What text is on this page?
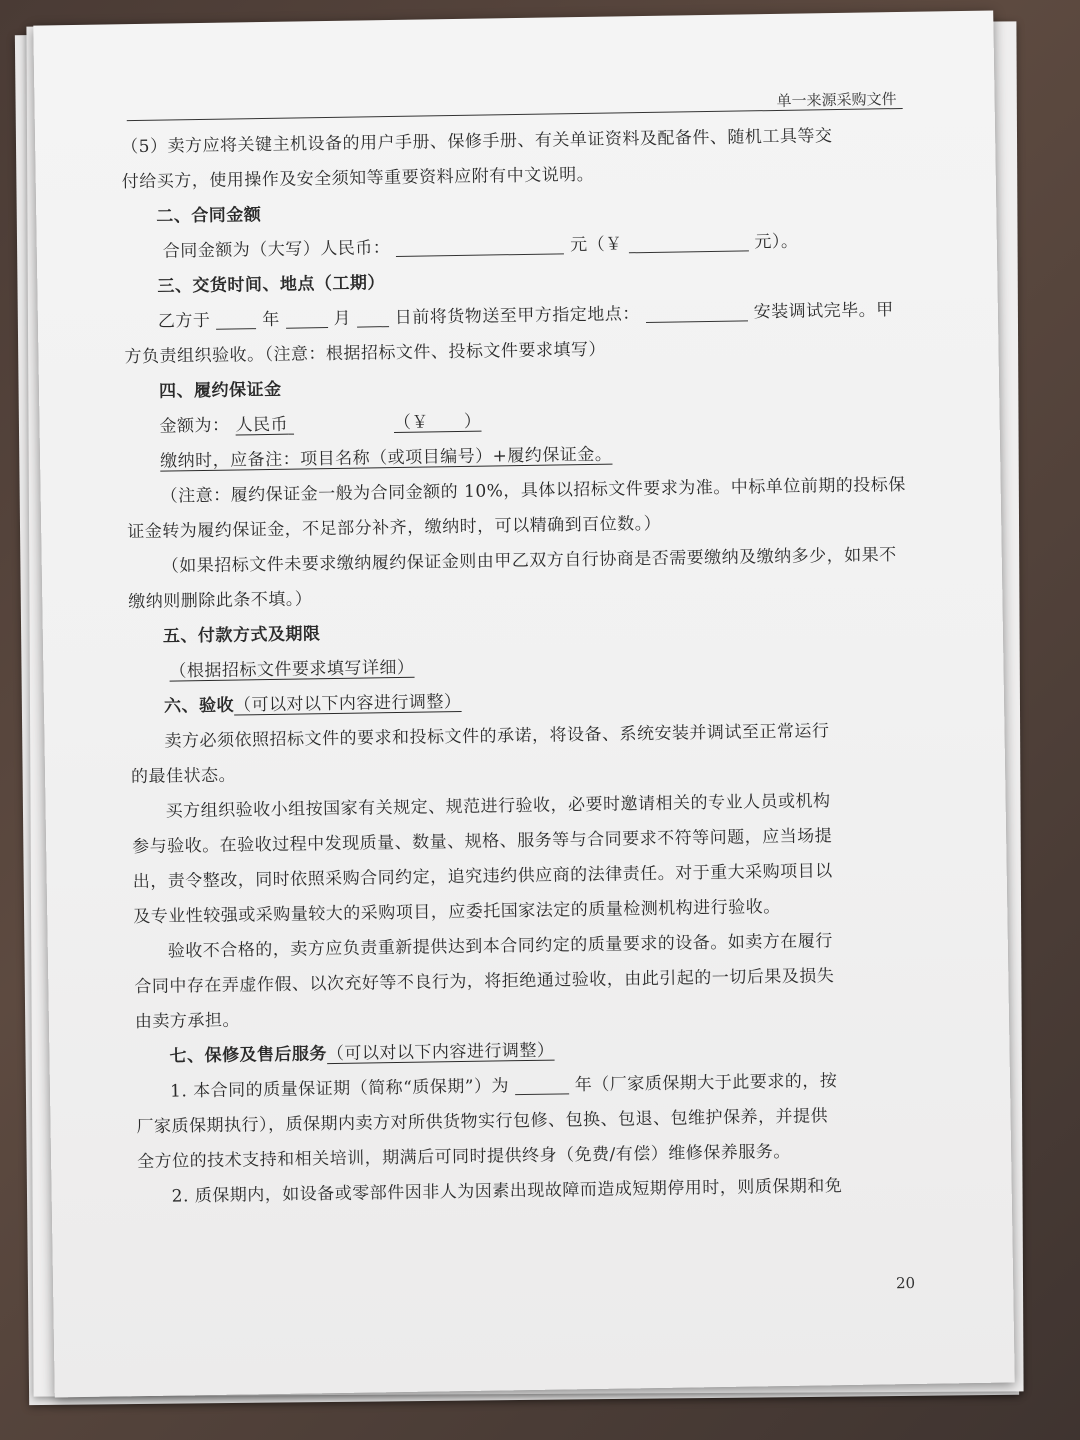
单一来源采购文件
（5）卖方应将关键主机设备的用户手册、保修手册、有关单证资料及配备件、随机工具等交
付给买方，使用操作及安全须知等重要资料应附有中文说明。
二、合同金额
合同金额为（大写）人民币：	元（￥	元）。
三、交货时间、地点（工期）
乙方于	年	月	日前将货物送至甲方指定地点：	安装调试完毕。甲
方负责组织验收。（注意：根据招标文件、投标文件要求填写）
四、履约保证金
金额为： 人民币	（￥　　）
缴纳时，应备注：项目名称（或项目编号）+履约保证金。
（注意：履约保证金一般为合同金额的 10%，具体以招标文件要求为准。中标单位前期的投标保
证金转为履约保证金，不足部分补齐，缴纳时，可以精确到百位数。）
（如果招标文件未要求缴纳履约保证金则由甲乙双方自行协商是否需要缴纳及缴纳多少，如果不
缴纳则删除此条不填。）
五、付款方式及期限
（根据招标文件要求填写详细）
六、验收（可以对以下内容进行调整）
卖方必须依照招标文件的要求和投标文件的承诺，将设备、系统安装并调试至正常运行
的最佳状态。
买方组织验收小组按国家有关规定、规范进行验收，必要时邀请相关的专业人员或机构
参与验收。在验收过程中发现质量、数量、规格、服务等与合同要求不符等问题，应当场提
出，责令整改，同时依照采购合同约定，追究违约供应商的法律责任。对于重大采购项目以
及专业性较强或采购量较大的采购项目，应委托国家法定的质量检测机构进行验收。
验收不合格的，卖方应负责重新提供达到本合同约定的质量要求的设备。如卖方在履行
合同中存在弄虚作假、以次充好等不良行为，将拒绝通过验收，由此引起的一切后果及损失
由卖方承担。
七、保修及售后服务（可以对以下内容进行调整）
1. 本合同的质量保证期（简称“质保期”）为	年（厂家质保期大于此要求的，按
厂家质保期执行），质保期内卖方对所供货物实行包修、包换、包退、包维护保养，并提供
全方位的技术支持和相关培训，期满后可同时提供终身（免费/有偿）维修保养服务。
2. 质保期内，如设备或零部件因非人为因素出现故障而造成短期停用时，则质保期和免
20
